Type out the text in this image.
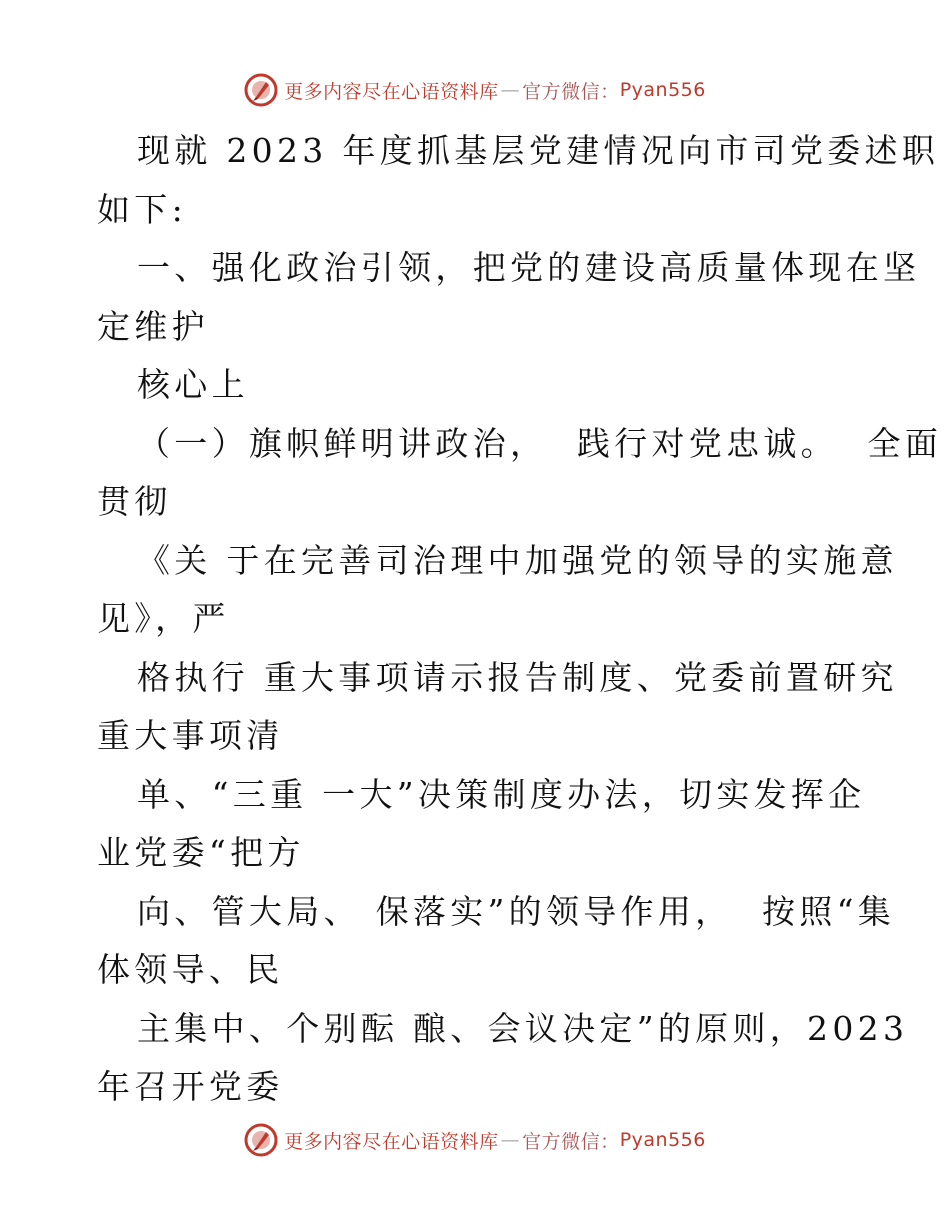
更多内容尽在心语资料库 — 官方微信： Pyan556
现就 2023 年度抓基层党建情况向市司党委述职
如下:
一、强化政治引领，把党的建设高质量体现在坚
定维护
核心上
（一）旗帜鲜明讲政治，  践行对党忠诚。  全面
贯彻
《关 于在完善司治理中加强党的领导的实施意
见》，严
格执行 重大事项请示报告制度、党委前置研究
重大事项清
单、“三重 一大”决策制度办法，切实发挥企
业党委“把方
向、管大局、 保落实”的领导作用，  按照“集
体领导、民
主集中、个别酝 酿、会议决定”的原则，2023
年召开党委
更多内容尽在心语资料库 — 官方微信： Pyan556
